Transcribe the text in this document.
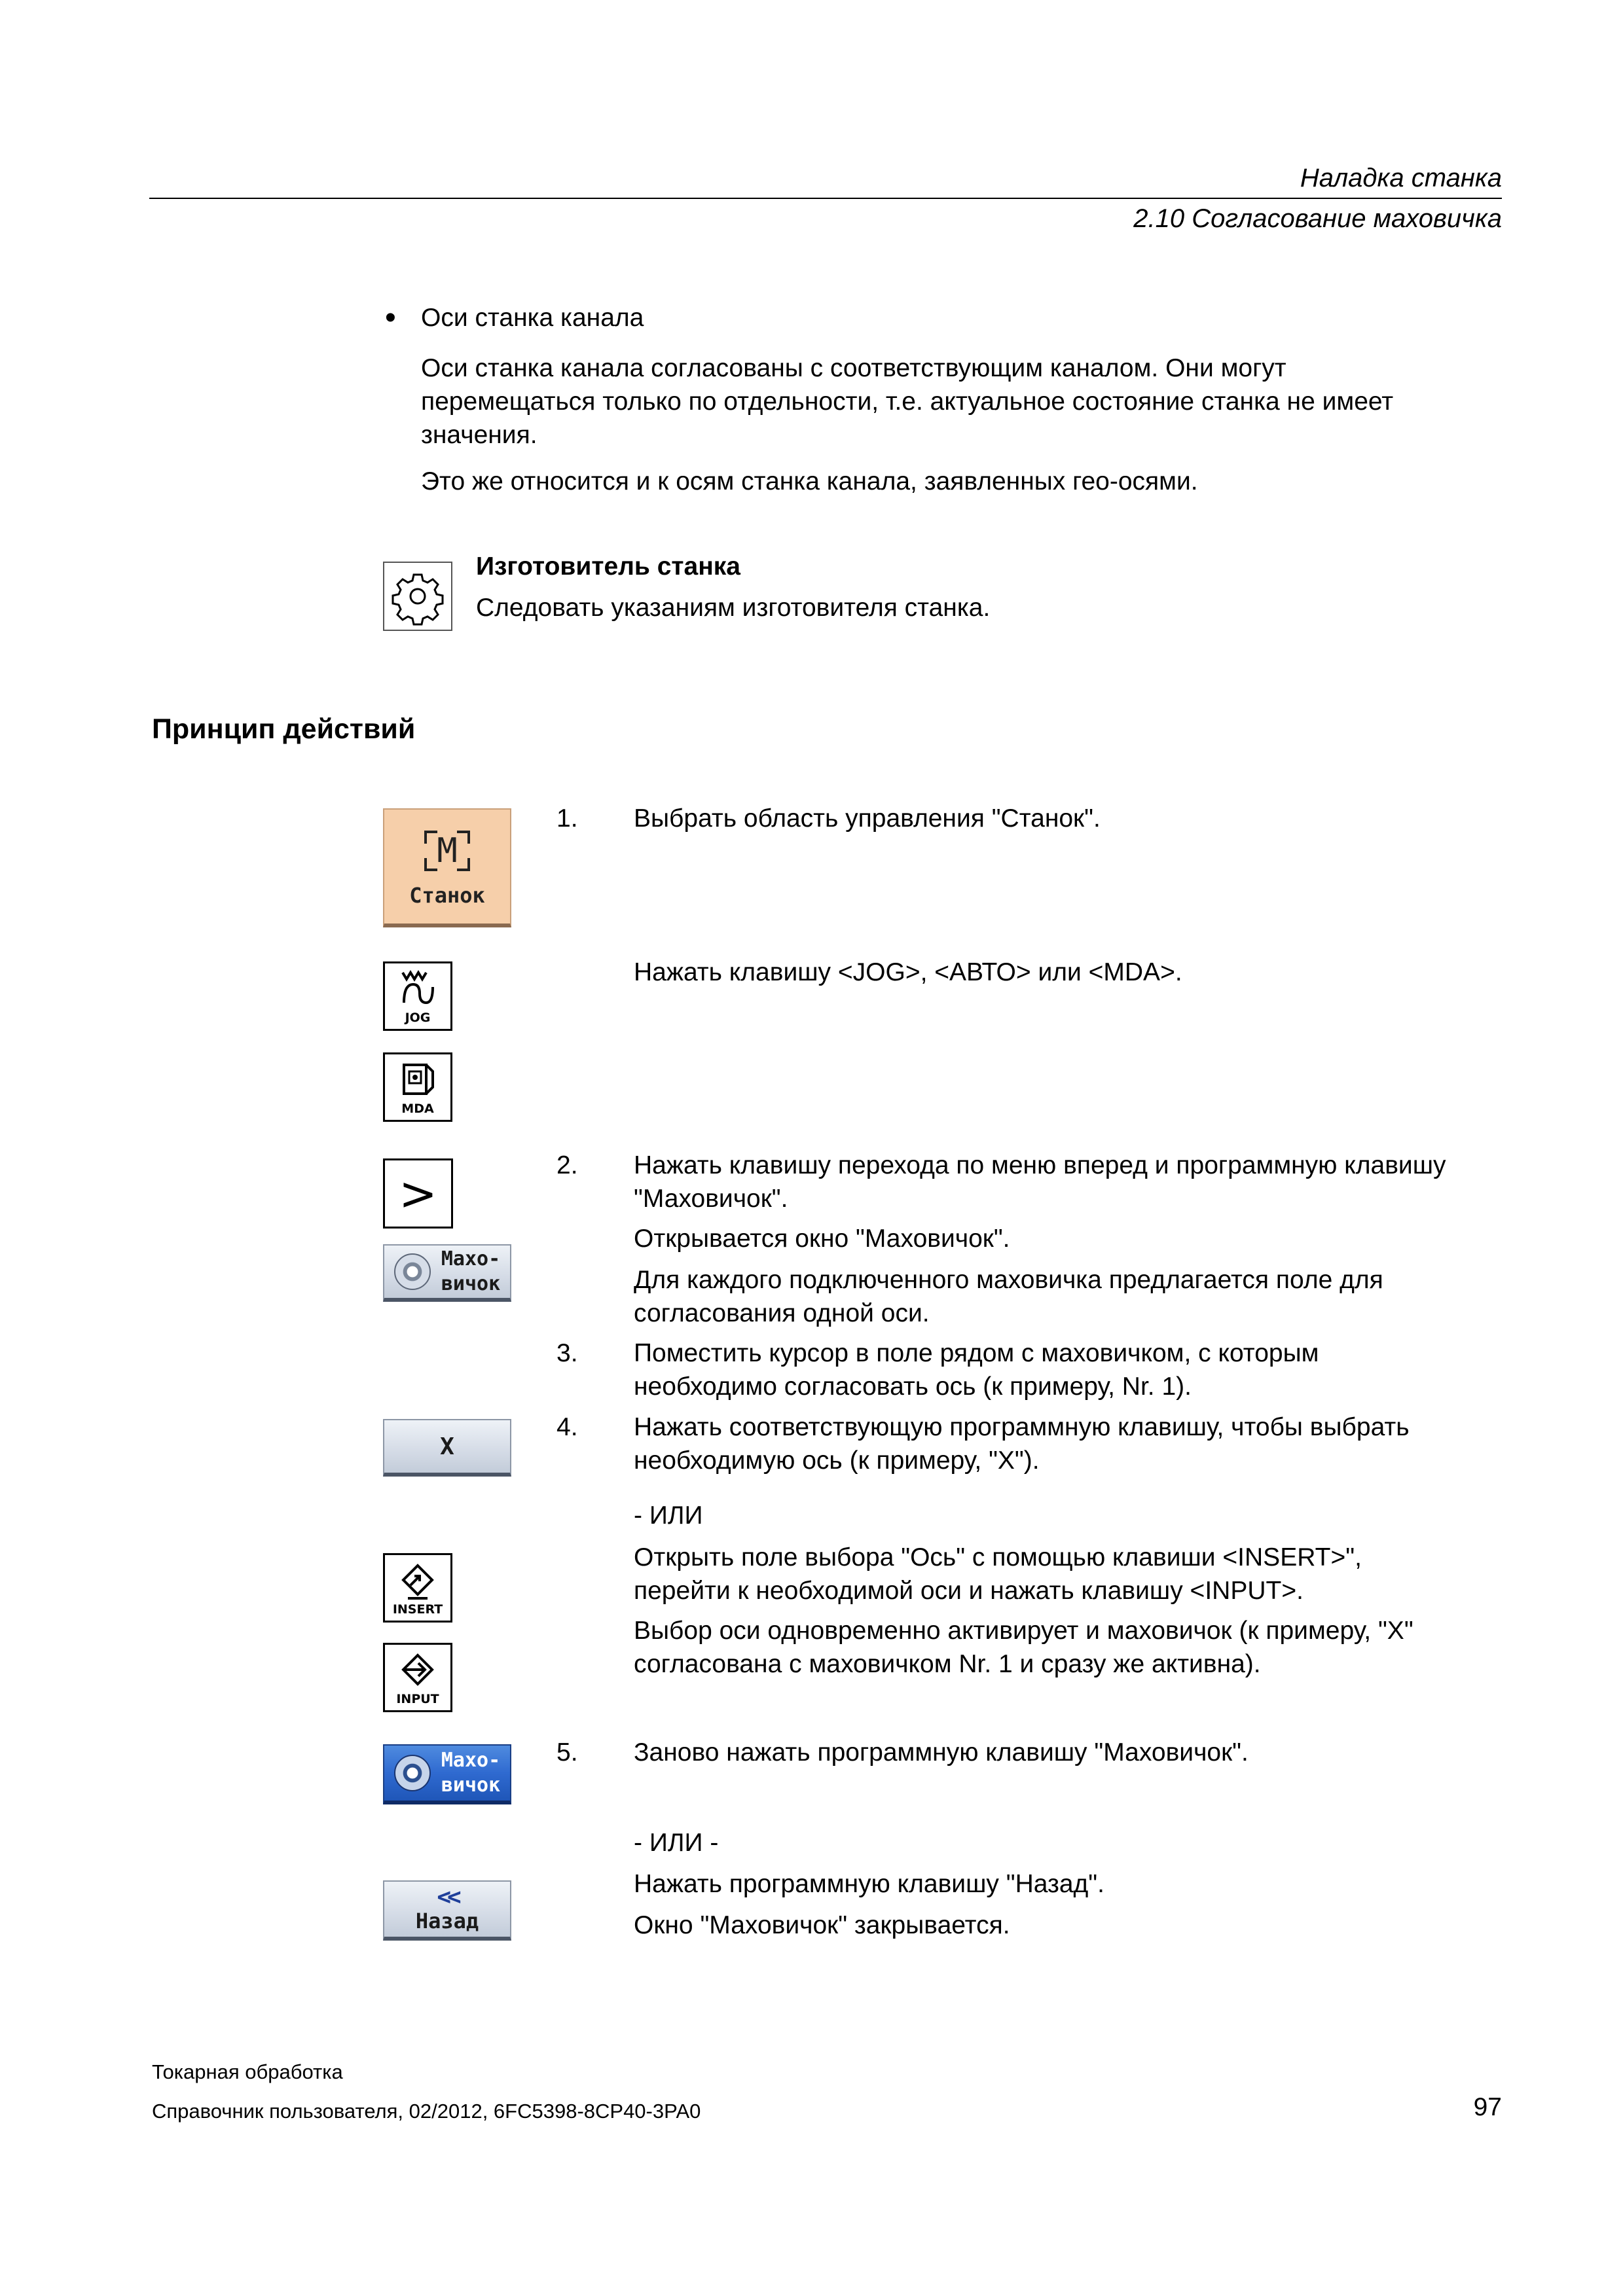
Наладка станка
2.10 Согласование маховичка
• Оси станка канала
Оси станка канала согласованы с соответствующим каналом. Они могут
перемещаться только по отдельности, т.е. актуальное состояние станка не имеет
значения.
Это же относится и к осям станка канала, заявленных гео-осями.
Изготовитель станка
Следовать указаниям изготовителя станка.
Принцип действий
M
Станок
JOG
MDA
>
Махо-
вичок
X
INSERT
INPUT
Махо-
вичок
<<
Назад
1. Выбрать область управления "Станок".
Нажать клавишу <JOG>, <АВТО> или <MDA>.
2. Нажать клавишу перехода по меню вперед и программную клавишу
"Маховичок".
Открывается окно "Маховичок".
Для каждого подключенного маховичка предлагается поле для
согласования одной оси.
3. Поместить курсор в поле рядом с маховичком, с которым
необходимо согласовать ось (к примеру, Nr. 1).
4. Нажать соответствующую программную клавишу, чтобы выбрать
необходимую ось (к примеру, "X").
- ИЛИ
Открыть поле выбора "Ось" с помощью клавиши <INSERT>",
перейти к необходимой оси и нажать клавишу <INPUT>.
Выбор оси одновременно активирует и маховичок (к примеру, "X"
согласована с маховичком Nr. 1 и сразу же активна).
5. Заново нажать программную клавишу "Маховичок".
- ИЛИ -
Нажать программную клавишу "Назад".
Окно "Маховичок" закрывается.
Токарная обработка
Справочник пользователя, 02/2012, 6FC5398-8CP40-3PA0	97
